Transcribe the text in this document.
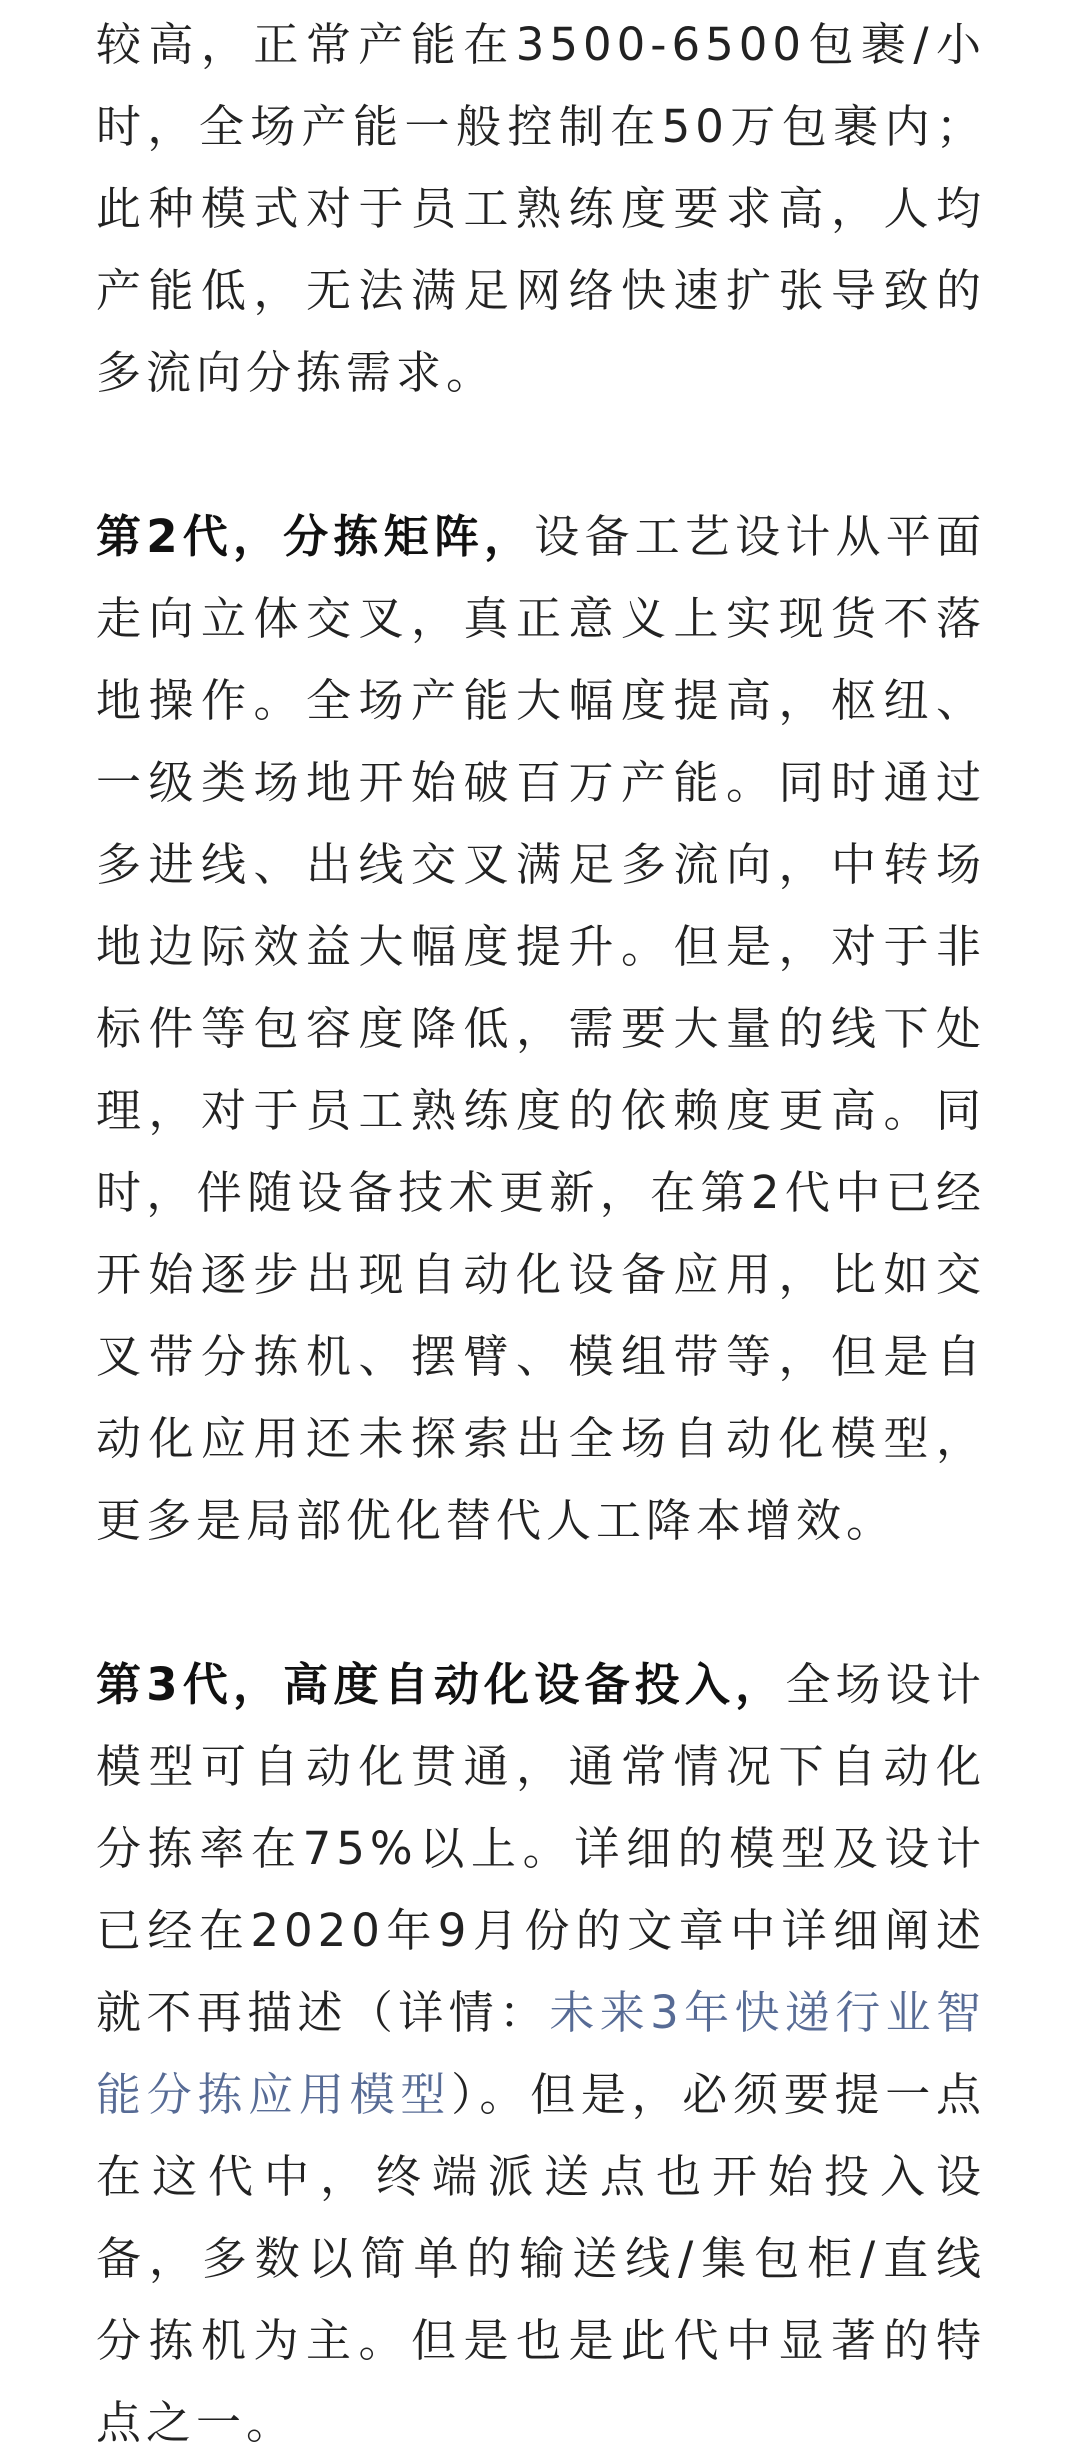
较高，正常产能在3500-6500包裹/小时，全场产能一般控制在50万包裹内；此种模式对于员工熟练度要求高，人均产能低，无法满足网络快速扩张导致的多流向分拣需求。

第2代，分拣矩阵，设备工艺设计从平面走向立体交叉，真正意义上实现货不落地操作。全场产能大幅度提高，枢纽、一级类场地开始破百万产能。同时通过多进线、出线交叉满足多流向，中转场地边际效益大幅度提升。但是，对于非标件等包容度降低，需要大量的线下处理，对于员工熟练度的依赖度更高。同时，伴随设备技术更新，在第2代中已经开始逐步出现自动化设备应用，比如交叉带分拣机、摆臂、模组带等，但是自动化应用还未探索出全场自动化模型，更多是局部优化替代人工降本增效。

第3代，高度自动化设备投入，全场设计模型可自动化贯通，通常情况下自动化分拣率在75%以上。详细的模型及设计已经在2020年9月份的文章中详细阐述就不再描述（详情：未来3年快递行业智能分拣应用模型）。但是，必须要提一点在这代中，终端派送点也开始投入设备，多数以简单的输送线/集包柜/直线分拣机为主。但是也是此代中显著的特点之一。
